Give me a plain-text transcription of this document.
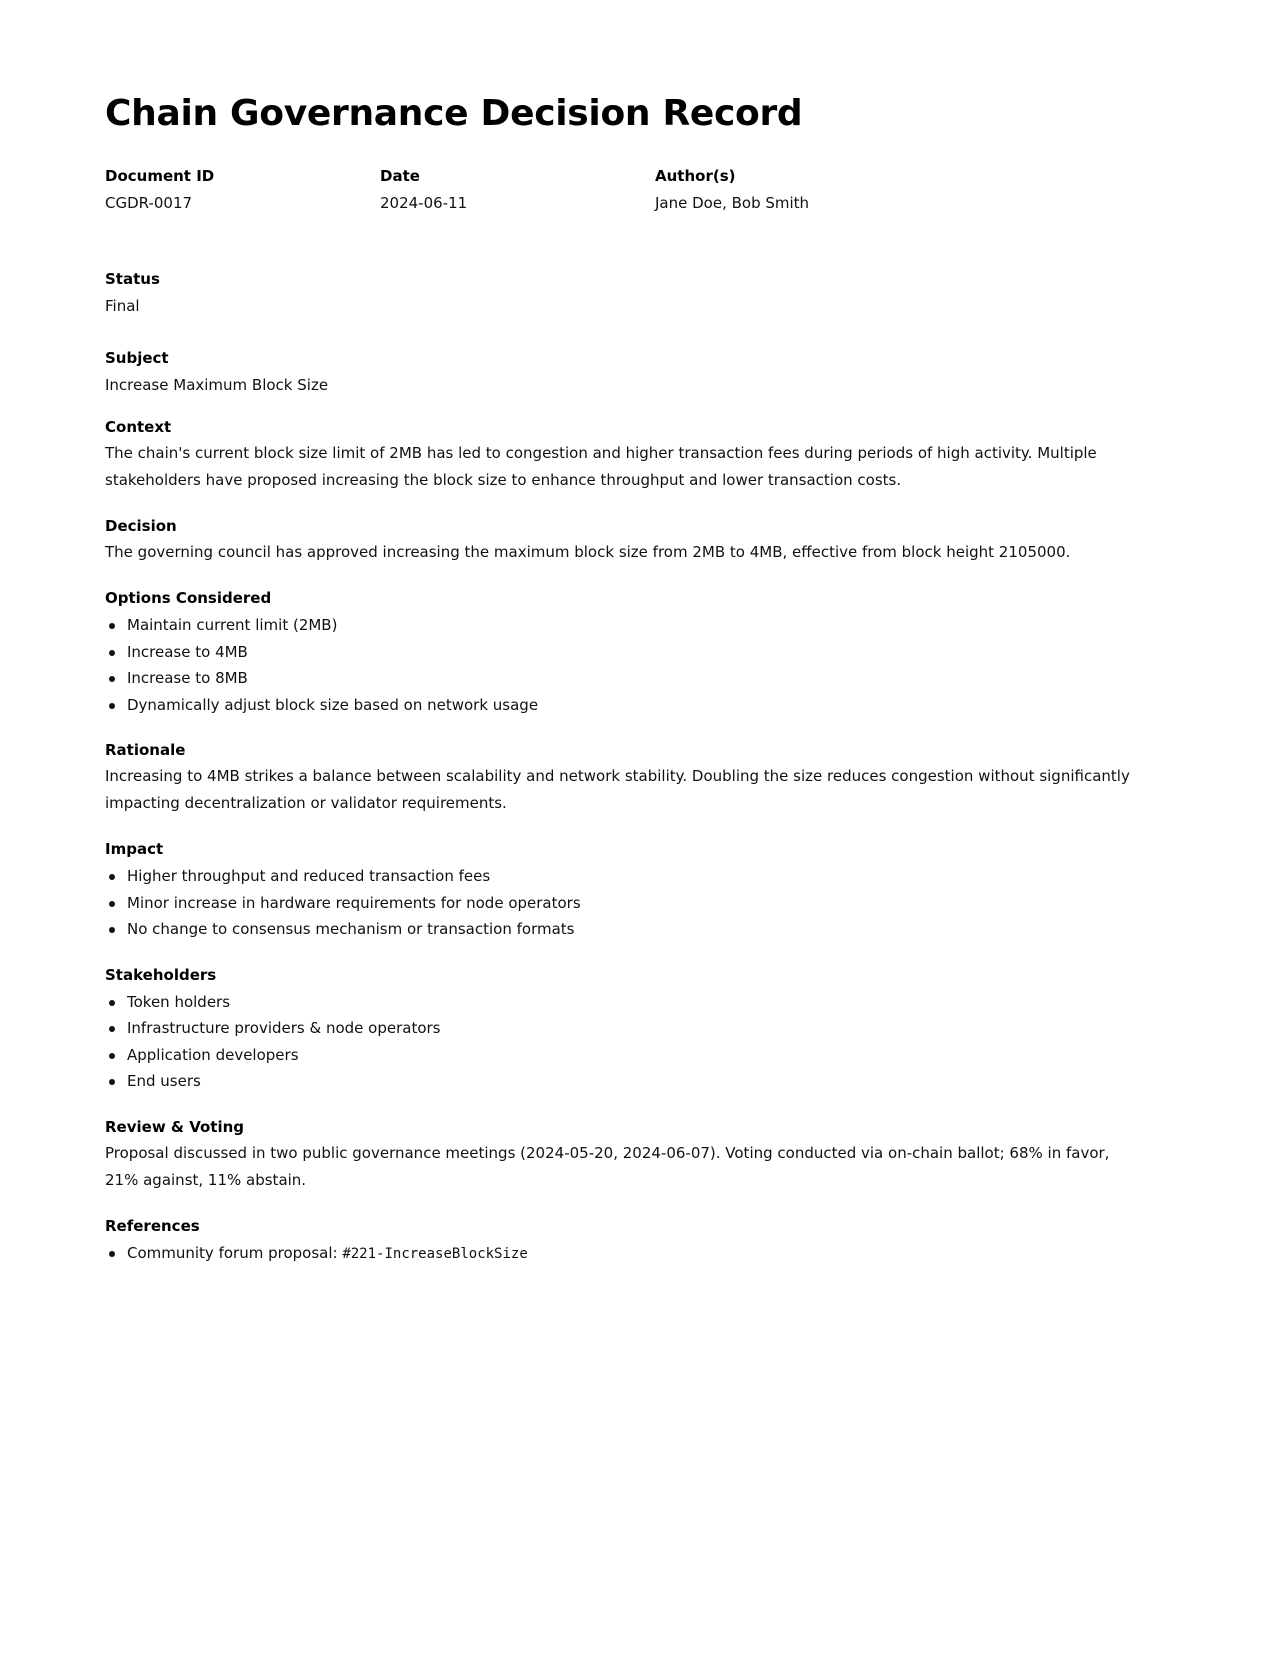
Chain Governance Decision Record
Document ID
CGDR-0017
Date
2024-06-11
Author(s)
Jane Doe, Bob Smith
Status
Final
Subject
Increase Maximum Block Size
Context
The chain's current block size limit of 2MB has led to congestion and higher transaction fees during periods of high activity. Multiple stakeholders have proposed increasing the block size to enhance throughput and lower transaction costs.
Decision
The governing council has approved increasing the maximum block size from 2MB to 4MB, effective from block height 2105000.
Options Considered
Maintain current limit (2MB)
Increase to 4MB
Increase to 8MB
Dynamically adjust block size based on network usage
Rationale
Increasing to 4MB strikes a balance between scalability and network stability. Doubling the size reduces congestion without significantly impacting decentralization or validator requirements.
Impact
Higher throughput and reduced transaction fees
Minor increase in hardware requirements for node operators
No change to consensus mechanism or transaction formats
Stakeholders
Token holders
Infrastructure providers & node operators
Application developers
End users
Review & Voting
Proposal discussed in two public governance meetings (2024-05-20, 2024-06-07). Voting conducted via on-chain ballot; 68% in favor, 21% against, 11% abstain.
References
Community forum proposal: #221-IncreaseBlockSize
